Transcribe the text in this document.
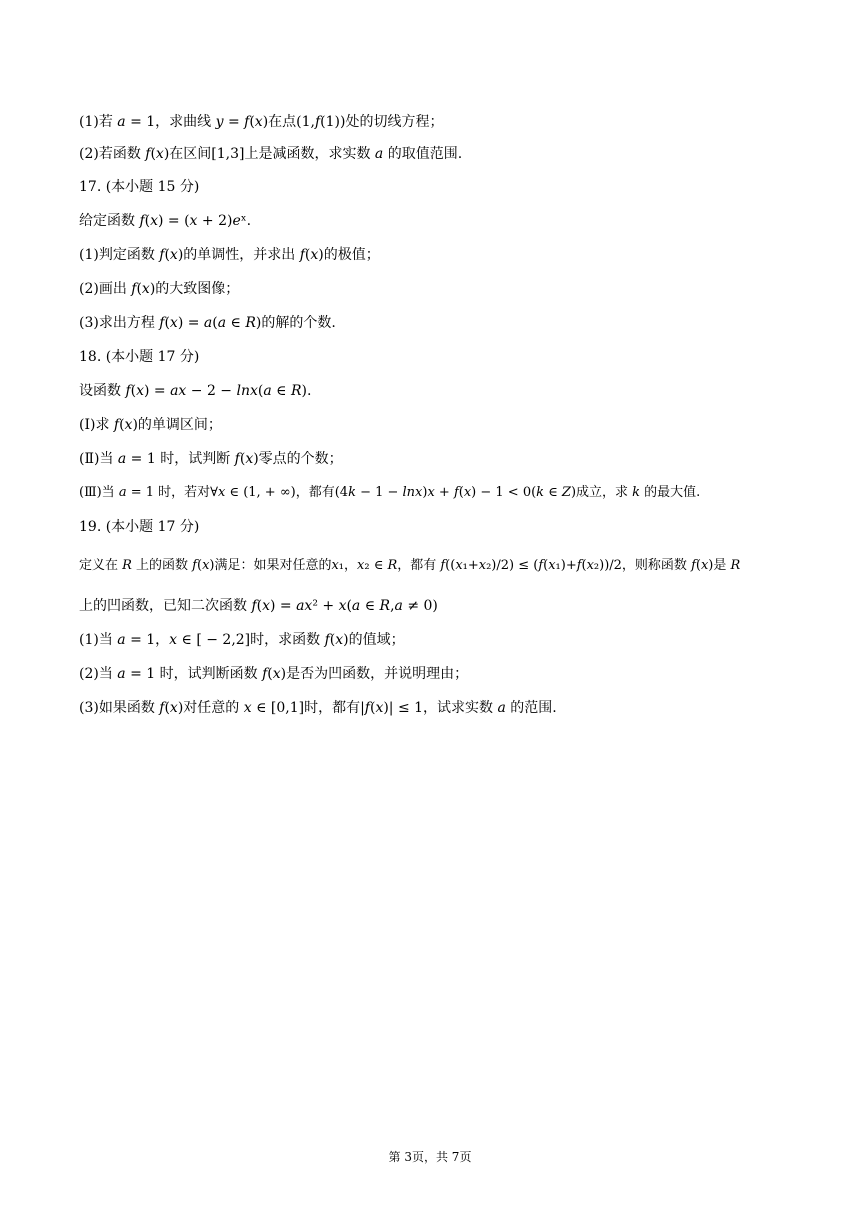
(1)若 𝑎 = 1，求曲线 𝑦 = 𝑓(𝑥)在点(1,𝑓(1))处的切线方程；
(2)若函数 𝑓(𝑥)在区间[1,3]上是减函数，求实数 𝑎 的取值范围.
17. (本小题 15 分)
给定函数 𝑓(𝑥) = (𝑥 + 2)𝑒ˣ.
(1)判定函数 𝑓(𝑥)的单调性，并求出 𝑓(𝑥)的极值；
(2)画出 𝑓(𝑥)的大致图像；
(3)求出方程 𝑓(𝑥) = 𝑎(𝑎 ∈ 𝑅)的解的个数.
18. (本小题 17 分)
设函数 𝑓(𝑥) = 𝑎𝑥 − 2 − 𝑙𝑛𝑥(𝑎 ∈ 𝑅).
(Ⅰ)求 𝑓(𝑥)的单调区间；
(Ⅱ)当 𝑎 = 1 时，试判断 𝑓(𝑥)零点的个数；
(Ⅲ)当 𝑎 = 1 时，若对∀𝑥 ∈ (1, + ∞)，都有(4𝑘 − 1 − 𝑙𝑛𝑥)𝑥 + 𝑓(𝑥) − 1 < 0(𝑘 ∈ 𝑍)成立，求 𝑘 的最大值.
19. (本小题 17 分)
定义在 𝑅 上的函数 𝑓(𝑥)满足：如果对任意的𝑥₁，𝑥₂ ∈ 𝑅，都有 𝑓((𝑥₁+𝑥₂)/2) ≤ (𝑓(𝑥₁)+𝑓(𝑥₂))/2，则称函数 𝑓(𝑥)是 𝑅
上的凹函数，已知二次函数 𝑓(𝑥) = 𝑎𝑥² + 𝑥(𝑎 ∈ 𝑅,𝑎 ≠ 0)
(1)当 𝑎 = 1，𝑥 ∈ [ − 2,2]时，求函数 𝑓(𝑥)的值域；
(2)当 𝑎 = 1 时，试判断函数 𝑓(𝑥)是否为凹函数，并说明理由；
(3)如果函数 𝑓(𝑥)对任意的 𝑥 ∈ [0,1]时，都有|𝑓(𝑥)| ≤ 1，试求实数 𝑎 的范围.
第 3页，共 7页
